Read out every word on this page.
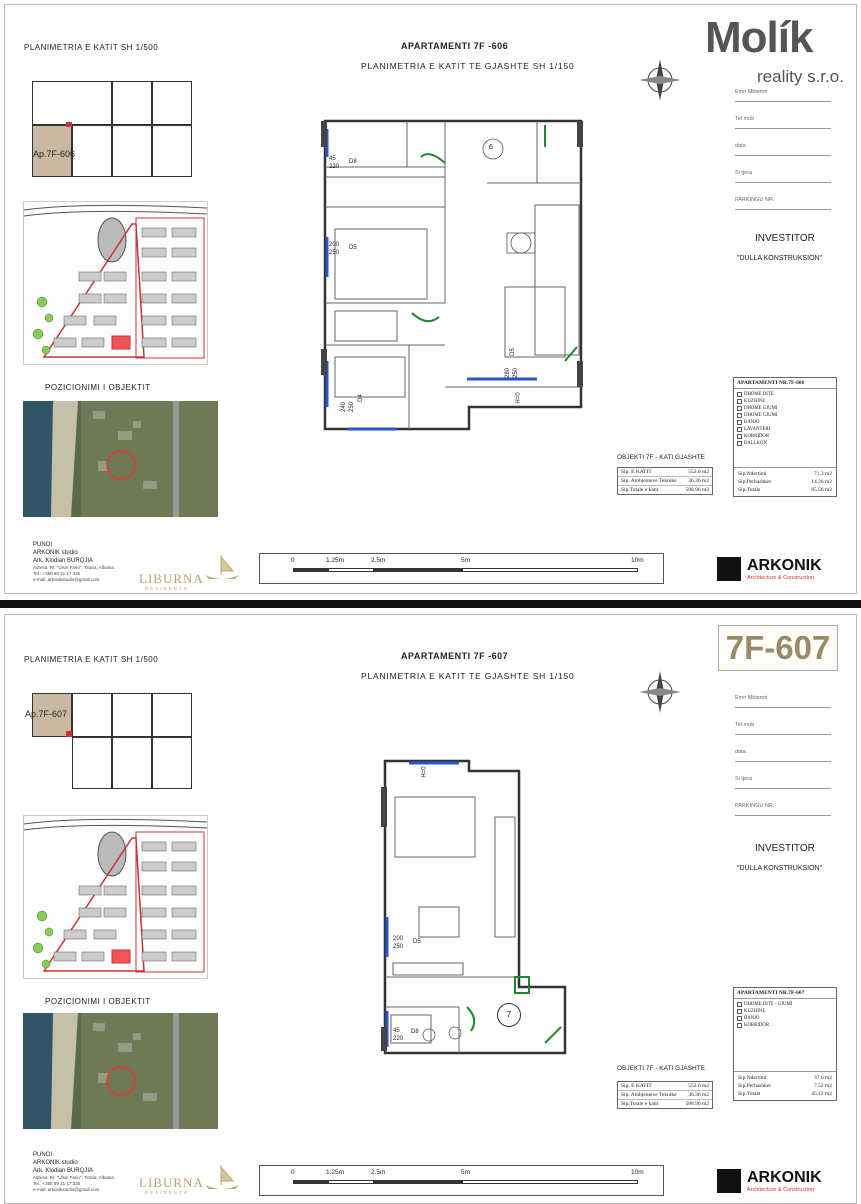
PLANIMETRIA E KATIT SH 1/500	APARTAMENTI 7F -606
PLANIMETRIA E KATIT TE GJASHTE SH 1/150
Ap.7F-606
POZICIONIMI I OBJEKTIT
45
220
D8
200
250
D5
240
250
D4
280
250
D5
H=0
6
Molík
reality s.r.o.
Emri Mbiemri
Tel mob
data
Si tjera
PARKINGU NR.
INVESTITOR
"DULLA KONSTRUKSION"
APARTAMENTI NR.7F-606
DHOME DITE
KUZHINE
DHOME GJUMI
DHOME GJUMI
BANJO
LAVANTERI
KORRIDOR
BALLKON
Sip.Ndertimi	71.3 m2
Sip.Perbashket	14.26 m2
Sip.Totale	85.56 m2
OBJEKTI 7F - KATI GJASHTE
Sip. E KATIT	552.6 m2
Sip. Ambjenteve Teknike 36.36 m2
Sip.Totale e katit	588.96 m2
PUNOI
ARKONIK studio
Ark. Klodian BURQJIA
Adresa: Rr. "Ulsin Fario", Tirana, Albania.
Tel.: +355 69 21 17 336
e-mail: arkonikstudio@gmail.com	LIBURNA
RESIDENCE
0	1.25m	2.5m	5m	10m	ARKONIK
Architecture & Construction
PLANIMETRIA E KATIT SH 1/500	APARTAMENTI 7F -607
PLANIMETRIA E KATIT TE GJASHTE SH 1/150
7F-607
Ap.7F-607
POZICIONIMI I OBJEKTIT
200
250
D5
45
220
D8
H=0
7
Emri Mbiemri
Tel mob
data
Si tjera
PARKINGU NR.
INVESTITOR
"DULLA KONSTRUKSION"
APARTAMENTI NR.7F-607
DHOME DITE - GJUMI
KUZHINE
BANJO
KORRIDOR
Sip.Ndertimi	37.6 m2
Sip.Perbashket	7.52 m2
Sip.Totale	45.12 m2
OBJEKTI 7F - KATI GJASHTE
Sip. E KATIT	552.6 m2
Sip. Ambjenteve Teknike 36.36 m2
Sip.Totale e katit	588.96 m2
PUNOI
ARKONIK studio
Ark. Klodian BURQJIA
Adresa: Rr. "Ulsin Fario", Tirana, Albania.
Tel.: +355 69 21 17 336
e-mail: arkonikstudio@gmail.com	LIBURNA
RESIDENCE
0	1.25m	2.5m	5m	10m	ARKONIK
Architecture & Construction
